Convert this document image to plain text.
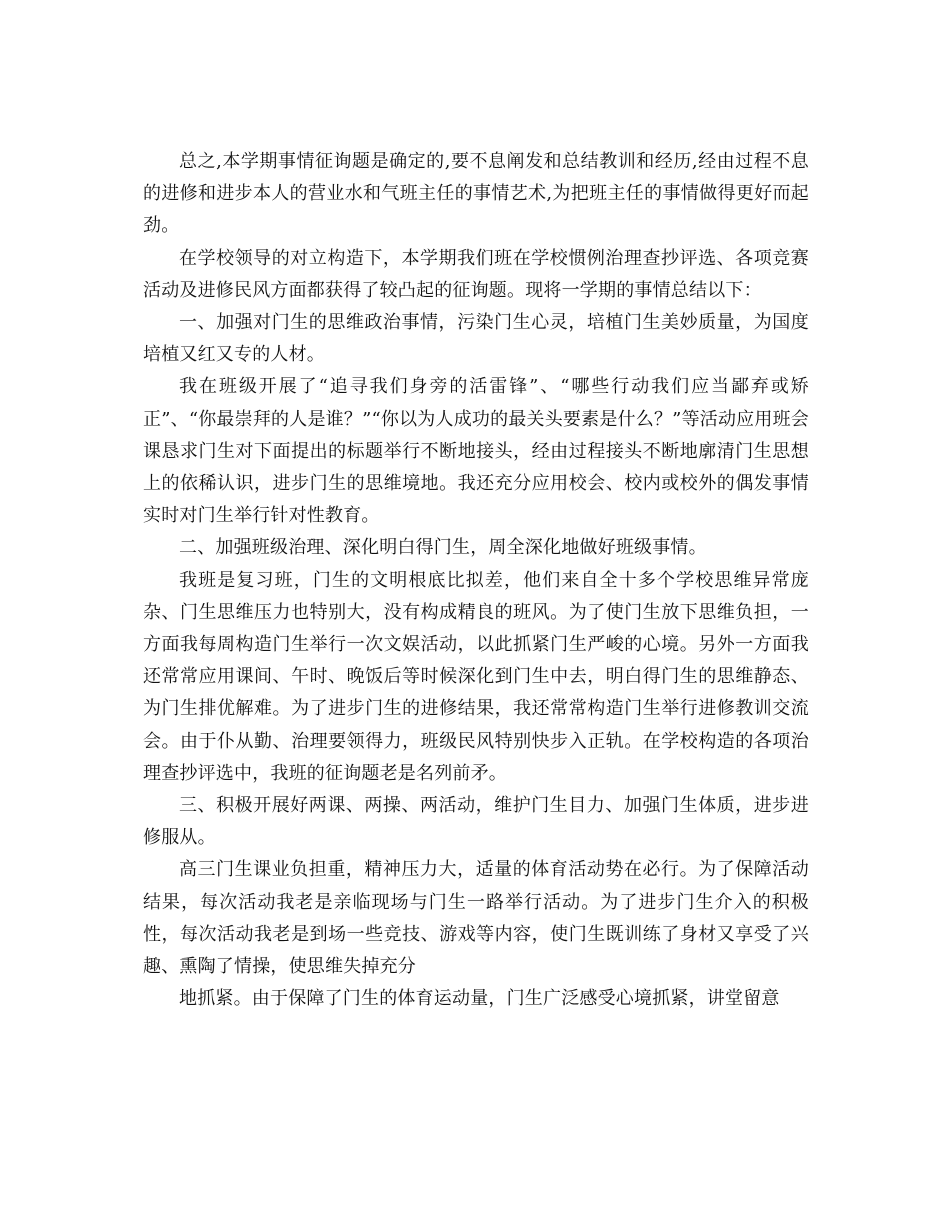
总之,本学期事情征询题是确定的,要不息阐发和总结教训和经历,经由过程不息的进修和进步本人的营业水和气班主任的事情艺术,为把班主任的事情做得更好而起劲。

在学校领导的对立构造下，本学期我们班在学校惯例治理查抄评选、各项竞赛活动及进修民风方面都获得了较凸起的征询题。现将一学期的事情总结以下：

一、加强对门生的思维政治事情，污染门生心灵，培植门生美妙质量，为国度培植又红又专的人材。

我在班级开展了“追寻我们身旁的活雷锋”、“哪些行动我们应当鄙弃或矫正”、“你最崇拜的人是谁？”“你以为人成功的最关头要素是什么？”等活动应用班会课恳求门生对下面提出的标题举行不断地接头，经由过程接头不断地廓清门生思想上的依稀认识，进步门生的思维境地。我还充分应用校会、校内或校外的偶发事情实时对门生举行针对性教育。

二、加强班级治理、深化明白得门生，周全深化地做好班级事情。

我班是复习班，门生的文明根底比拟差，他们来自全十多个学校思维异常庞杂、门生思维压力也特别大，没有构成精良的班风。为了使门生放下思维负担，一方面我每周构造门生举行一次文娱活动，以此抓紧门生严峻的心境。另外一方面我还常常应用课间、午时、晚饭后等时候深化到门生中去，明白得门生的思维静态、为门生排优解难。为了进步门生的进修结果，我还常常构造门生举行进修教训交流会。由于仆从勤、治理要领得力，班级民风特别快步入正轨。在学校构造的各项治理查抄评选中，我班的征询题老是名列前矛。

三、积极开展好两课、两操、两活动，维护门生目力、加强门生体质，进步进修服从。

高三门生课业负担重，精神压力大，适量的体育活动势在必行。为了保障活动结果，每次活动我老是亲临现场与门生一路举行活动。为了进步门生介入的积极性，每次活动我老是到场一些竞技、游戏等内容，使门生既训练了身材又享受了兴趣、熏陶了情操，使思维失掉充分

地抓紧。由于保障了门生的体育运动量，门生广泛感受心境抓紧，讲堂留意
